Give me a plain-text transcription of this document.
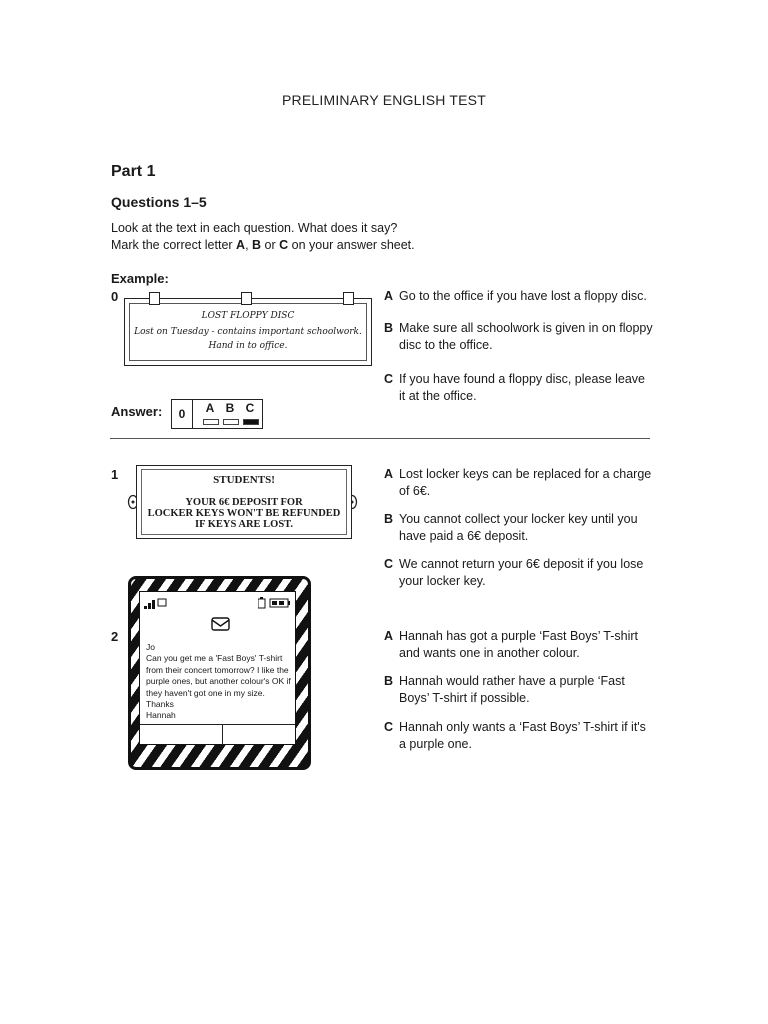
PRELIMINARY ENGLISH TEST
Part 1
Questions 1–5
Look at the text in each question. What does it say?
Mark the correct letter A, B or C on your answer sheet.
Example:
0
LOST FLOPPY DISC
Lost on Tuesday - contains important schoolwork.
Hand in to office.
A Go to the office if you have lost a floppy disc.
B Make sure all schoolwork is given in on floppy disc to the office.
C If you have found a floppy disc, please leave it at the office.
Answer:	0	A B C
1	STUDENTS!
YOUR 6€ DEPOSIT FOR
LOCKER KEYS WON'T BE REFUNDED
IF KEYS ARE LOST.
A Lost locker keys can be replaced for a charge of 6€.
B You cannot collect your locker key until you have paid a 6€ deposit.
C We cannot return your 6€ deposit if you lose your locker key.
2
Jo
Can you get me a 'Fast Boys' T-shirt from their concert tomorrow? I like the purple ones, but another colour's OK if they haven't got one in my size.
Thanks
Hannah
A Hannah has got a purple ‘Fast Boys’ T-shirt and wants one in another colour.
B Hannah would rather have a purple ‘Fast Boys’ T-shirt if possible.
C Hannah only wants a ‘Fast Boys’ T-shirt if it's a purple one.
